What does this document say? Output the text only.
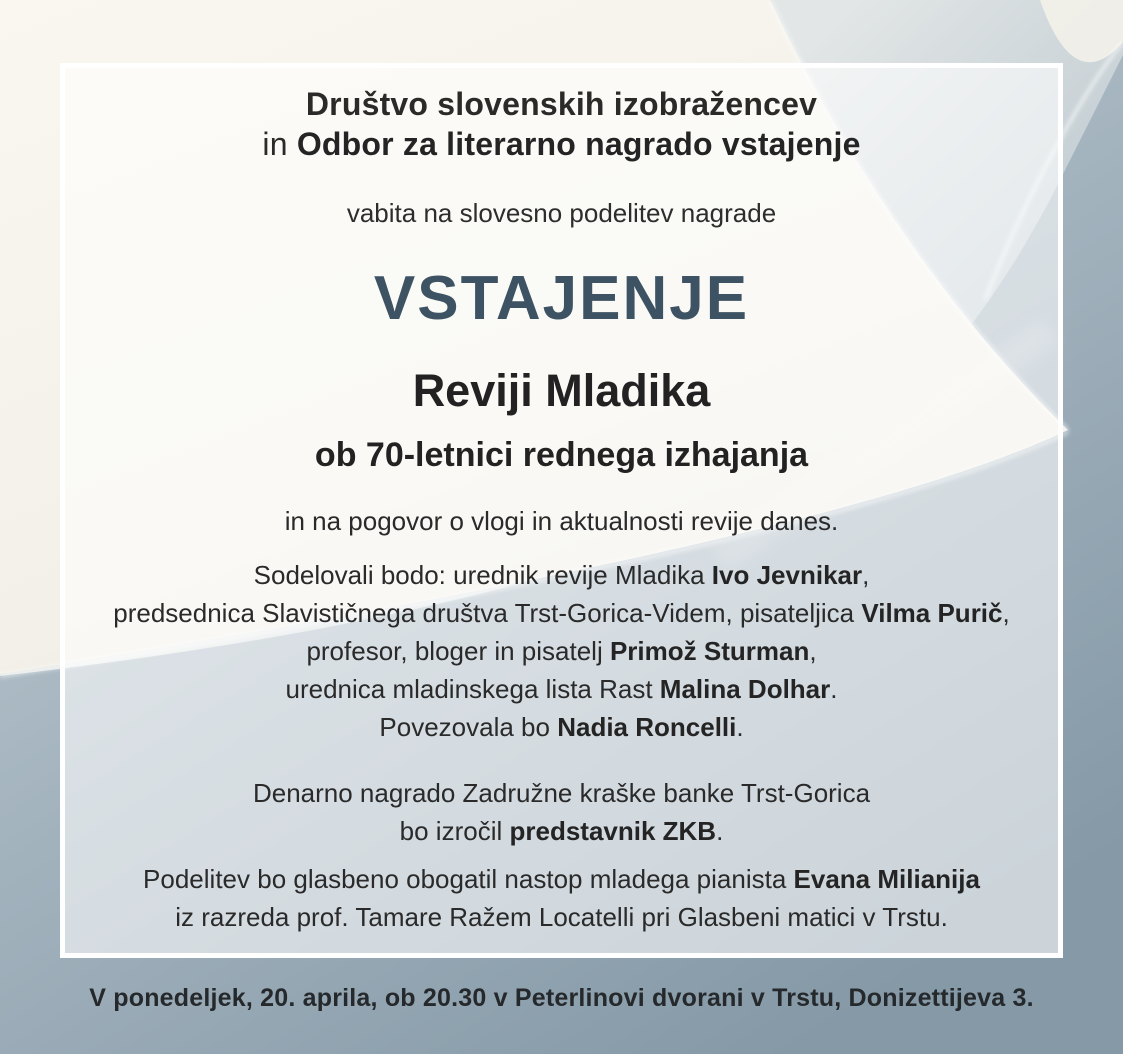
Društvo slovenskih izobražencev
in Odbor za literarno nagrado vstajenje
vabita na slovesno podelitev nagrade
VSTAJENJE
Reviji Mladika
ob 70-letnici rednega izhajanja
in na pogovor o vlogi in aktualnosti revije danes.
Sodelovali bodo: urednik revije Mladika Ivo Jevnikar,
predsednica Slavističnega društva Trst-Gorica-Videm, pisateljica Vilma Purič,
profesor, bloger in pisatelj Primož Sturman,
urednica mladinskega lista Rast Malina Dolhar.
Povezovala bo Nadia Roncelli.
Denarno nagrado Zadružne kraške banke Trst-Gorica
bo izročil predstavnik ZKB.
Podelitev bo glasbeno obogatil nastop mladega pianista Evana Milianija
iz razreda prof. Tamare Ražem Locatelli pri Glasbeni matici v Trstu.
V ponedeljek, 20. aprila, ob 20.30 v Peterlinovi dvorani v Trstu, Donizettijeva 3.
